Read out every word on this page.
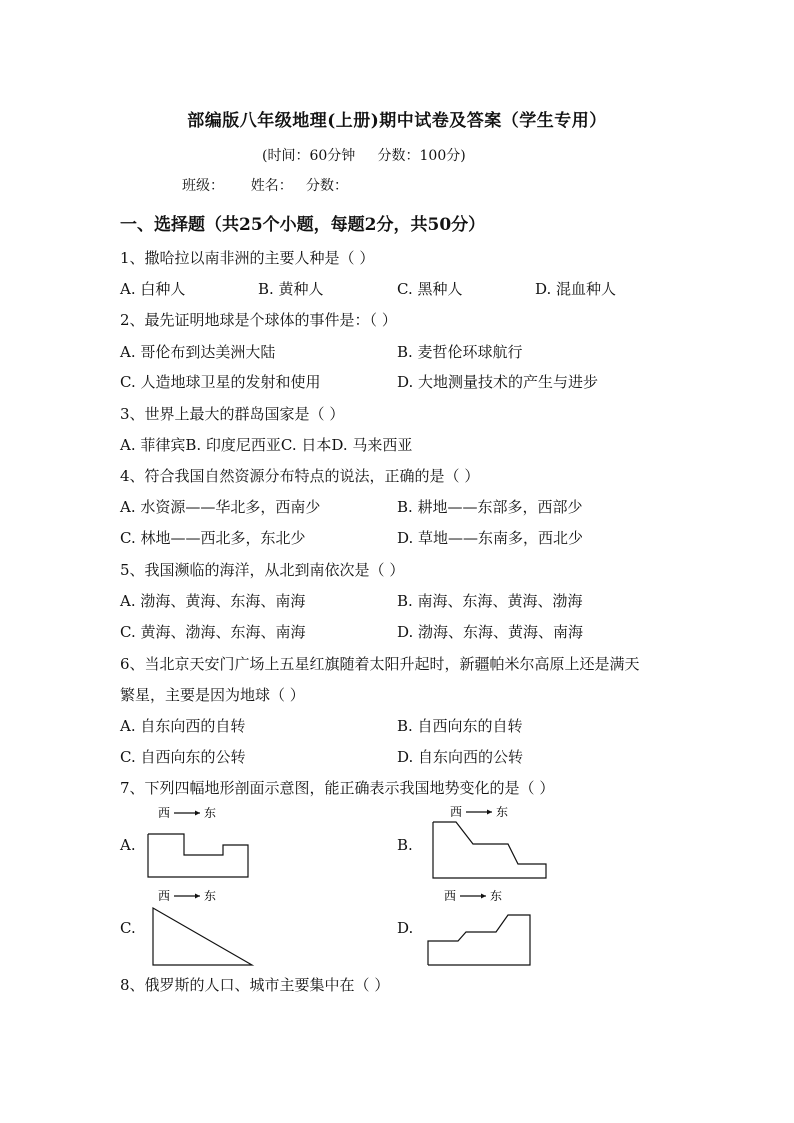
部编版八年级地理(上册)期中试卷及答案（学生专用）
(时间：60分钟     分数：100分)
班级：      姓名：   分数：
一、选择题（共25个小题，每题2分，共50分）
1、撒哈拉以南非洲的主要人种是（ ）
A. 白种人	B. 黄种人	C. 黑种人	D. 混血种人
2、最先证明地球是个球体的事件是：（ ）
A. 哥伦布到达美洲大陆	B. 麦哲伦环球航行
C. 人造地球卫星的发射和使用	D. 大地测量技术的产生与进步
3、世界上最大的群岛国家是（ ）
A. 菲律宾B. 印度尼西亚C. 日本D. 马来西亚
4、符合我国自然资源分布特点的说法，正确的是（ ）
A. 水资源——华北多，西南少	B. 耕地——东部多，西部少
C. 林地——西北多，东北少	D. 草地——东南多，西北少
5、我国濒临的海洋，从北到南依次是（ ）
A. 渤海、黄海、东海、南海	B. 南海、东海、黄海、渤海
C. 黄海、渤海、东海、南海	D. 渤海、东海、黄海、南海
6、当北京天安门广场上五星红旗随着太阳升起时，新疆帕米尔高原上还是满天
繁星，主要是因为地球（ ）
A. 自东向西的自转	B. 自西向东的自转
C. 自西向东的公转	D. 自东向西的公转
7、下列四幅地形剖面示意图，能正确表示我国地势变化的是（ ）
A.	B.
C.	D.
西	东	西	东
西	东	西	东
8、俄罗斯的人口、城市主要集中在（ ）
